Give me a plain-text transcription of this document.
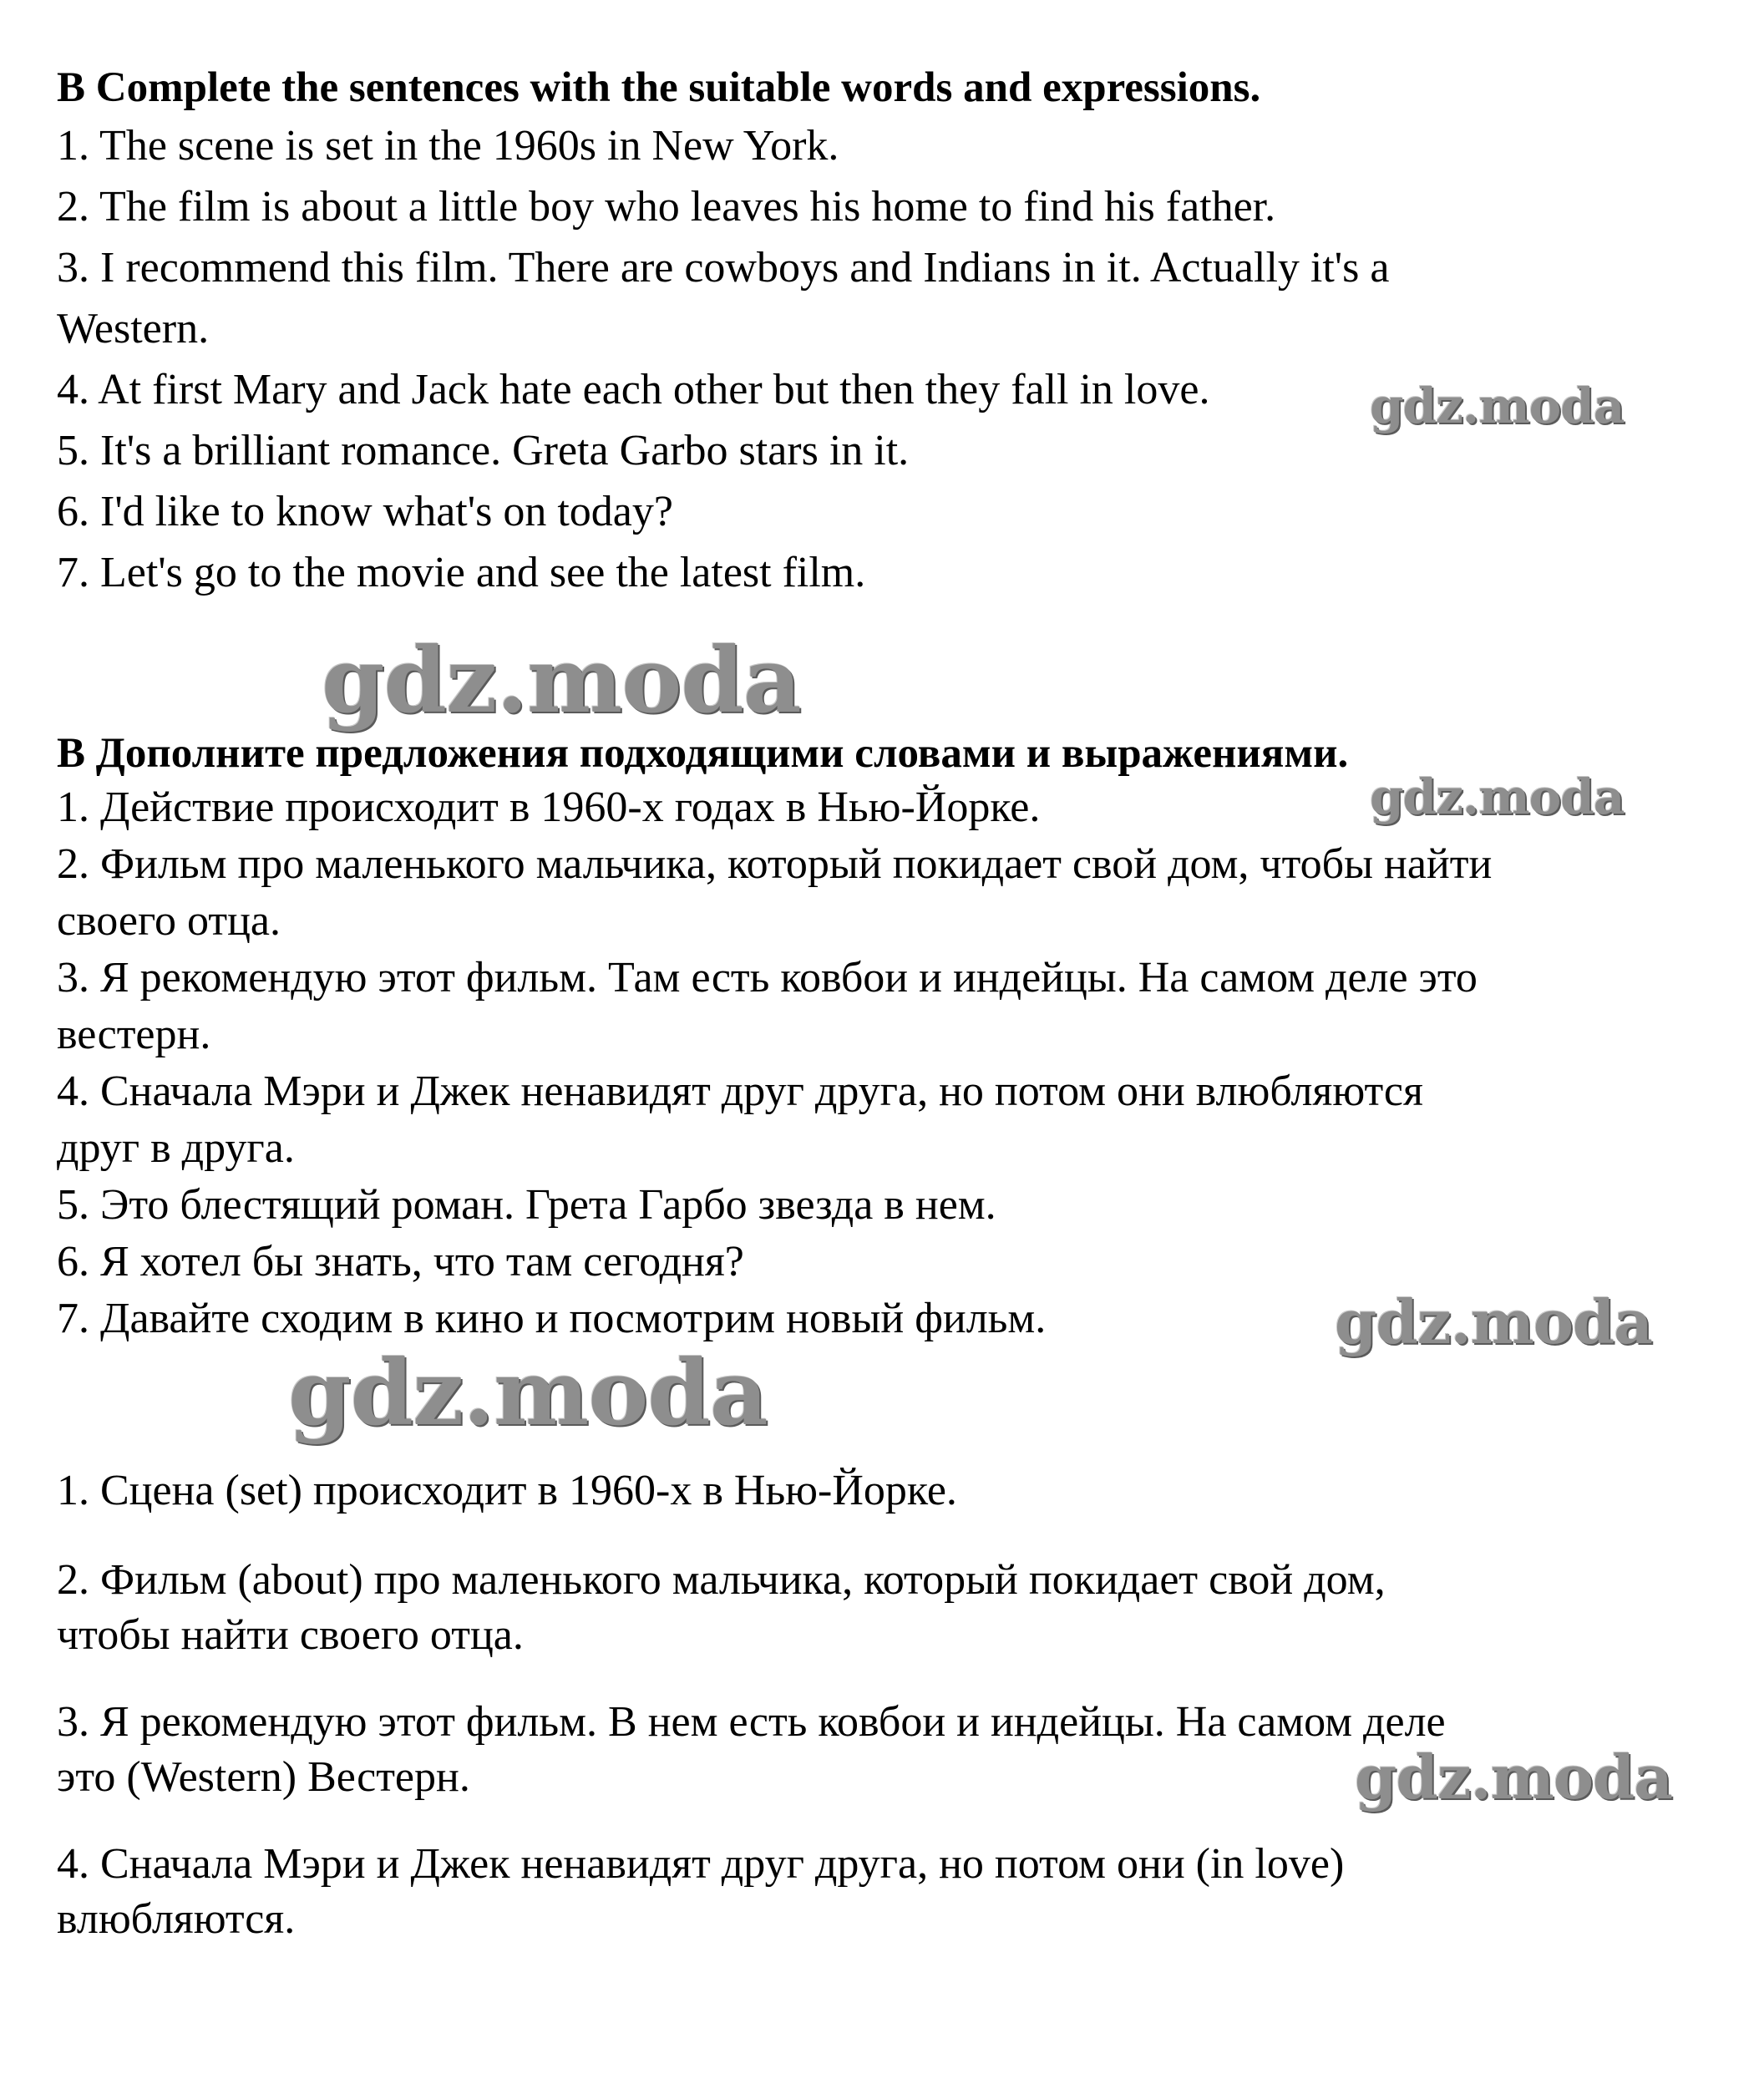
B Complete the sentences with the suitable words and expressions.
1. The scene is set in the 1960s in New York.
2. The film is about a little boy who leaves his home to find his father.
3. I recommend this film. There are cowboys and Indians in it. Actually it's a
Western.
4. At first Mary and Jack hate each other but then they fall in love.
5. It's a brilliant romance. Greta Garbo stars in it.
6. I'd like to know what's on today?
7. Let's go to the movie and see the latest film.
B Дополните предложения подходящими словами и выражениями.
1. Действие происходит в 1960-х годах в Нью-Йорке.
2. Фильм про маленького мальчика, который покидает свой дом, чтобы найти
своего отца.
3. Я рекомендую этот фильм. Там есть ковбои и индейцы. На самом деле это
вестерн.
4. Сначала Мэри и Джек ненавидят друг друга, но потом они влюбляются
друг в друга.
5. Это блестящий роман. Грета Гарбо звезда в нем.
6. Я хотел бы знать, что там сегодня?
7. Давайте сходим в кино и посмотрим новый фильм.
1. Сцена (set) происходит в 1960-х в Нью-Йорке.
2. Фильм (about) про маленького мальчика, который покидает свой дом,
чтобы найти своего отца.
3. Я рекомендую этот фильм. В нем есть ковбои и индейцы. На самом деле
это (Western) Вестерн.
4. Сначала Мэри и Джек ненавидят друг друга, но потом они (in love)
влюбляются.
gdz.moda
gdz.moda
gdz.moda
gdz.moda
gdz.moda
gdz.moda
